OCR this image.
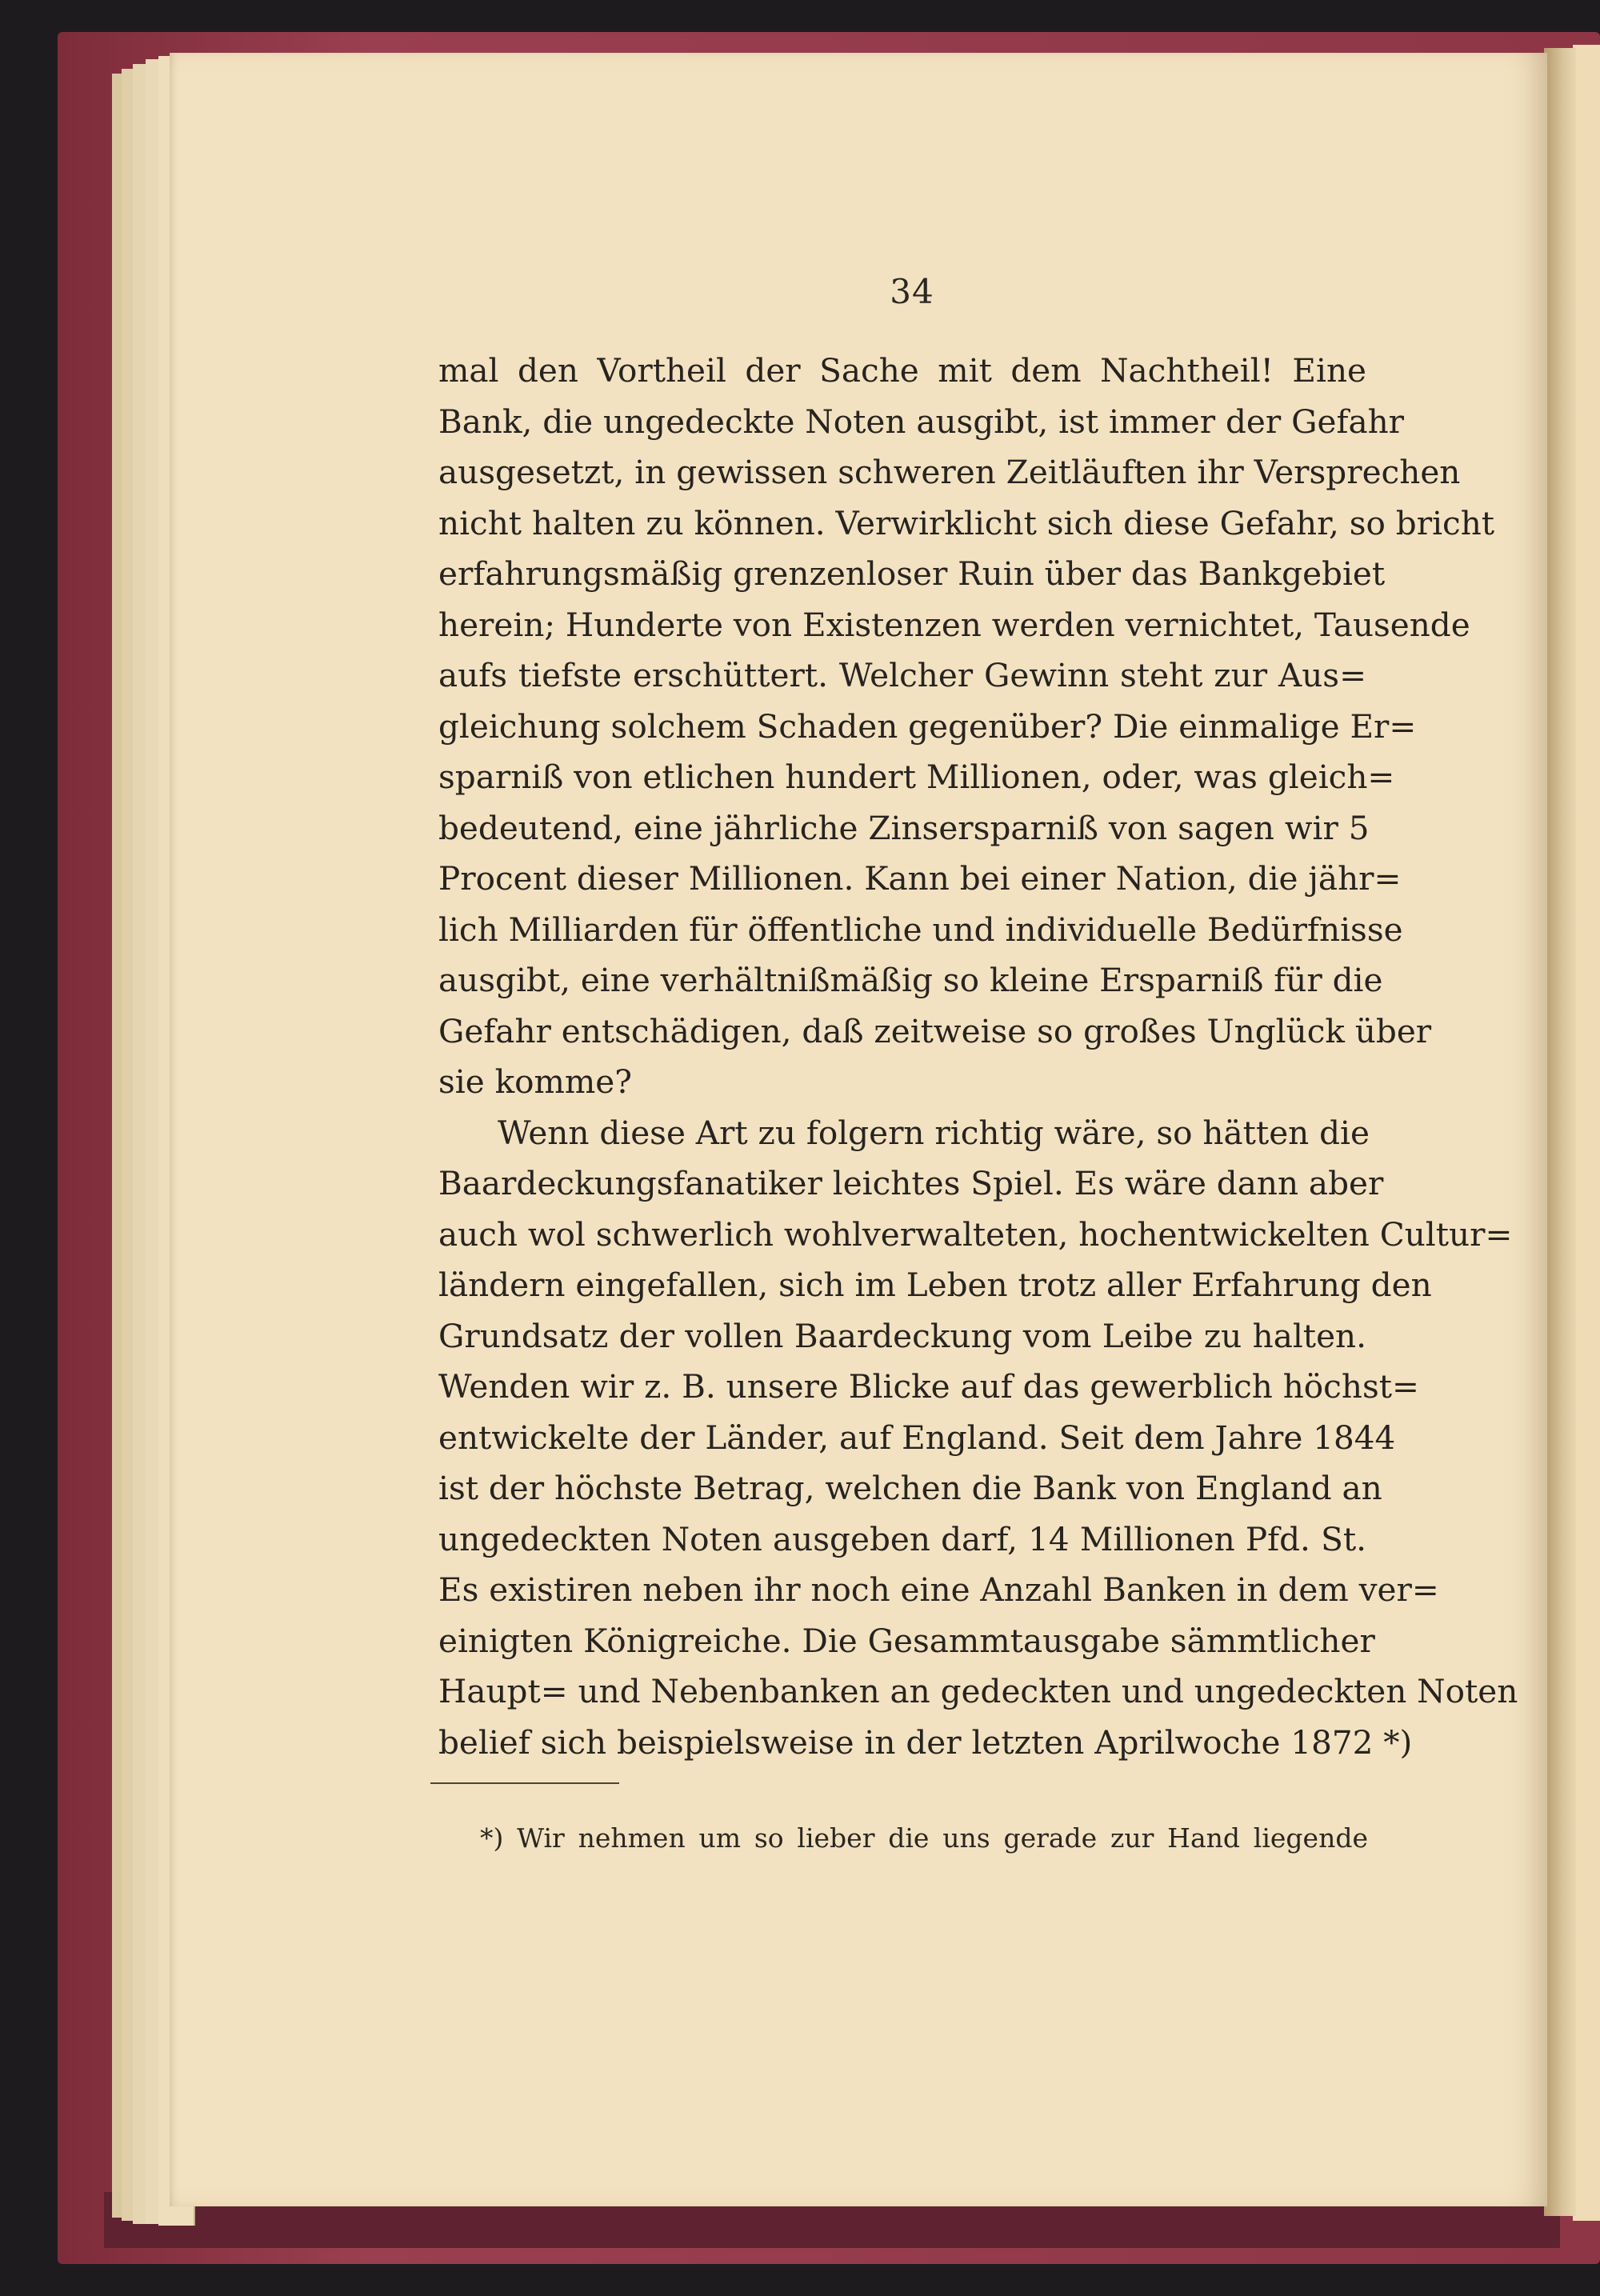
34
mal den Vortheil der Sache mit dem Nachtheil! Eine
Bank, die ungedeckte Noten ausgibt, ist immer der Gefahr
ausgesetzt, in gewissen schweren Zeitläuften ihr Versprechen
nicht halten zu können. Verwirklicht sich diese Gefahr, so bricht
erfahrungsmäßig grenzenloser Ruin über das Bankgebiet
herein; Hunderte von Existenzen werden vernichtet, Tausende
aufs tiefste erschüttert. Welcher Gewinn steht zur Aus=
gleichung solchem Schaden gegenüber? Die einmalige Er=
sparniß von etlichen hundert Millionen, oder, was gleich=
bedeutend, eine jährliche Zinsersparniß von sagen wir 5
Procent dieser Millionen. Kann bei einer Nation, die jähr=
lich Milliarden für öffentliche und individuelle Bedürfnisse
ausgibt, eine verhältnißmäßig so kleine Ersparniß für die
Gefahr entschädigen, daß zeitweise so großes Unglück über
sie komme?
Wenn diese Art zu folgern richtig wäre, so hätten die
Baardeckungsfanatiker leichtes Spiel. Es wäre dann aber
auch wol schwerlich wohlverwalteten, hochentwickelten Cultur=
ländern eingefallen, sich im Leben trotz aller Erfahrung den
Grundsatz der vollen Baardeckung vom Leibe zu halten.
Wenden wir z. B. unsere Blicke auf das gewerblich höchst=
entwickelte der Länder, auf England. Seit dem Jahre 1844
ist der höchste Betrag, welchen die Bank von England an
ungedeckten Noten ausgeben darf, 14 Millionen Pfd. St.
Es existiren neben ihr noch eine Anzahl Banken in dem ver=
einigten Königreiche. Die Gesammtausgabe sämmtlicher
Haupt= und Nebenbanken an gedeckten und ungedeckten Noten
belief sich beispielsweise in der letzten Aprilwoche 1872 *)
*) Wir nehmen um so lieber die uns gerade zur Hand liegende
